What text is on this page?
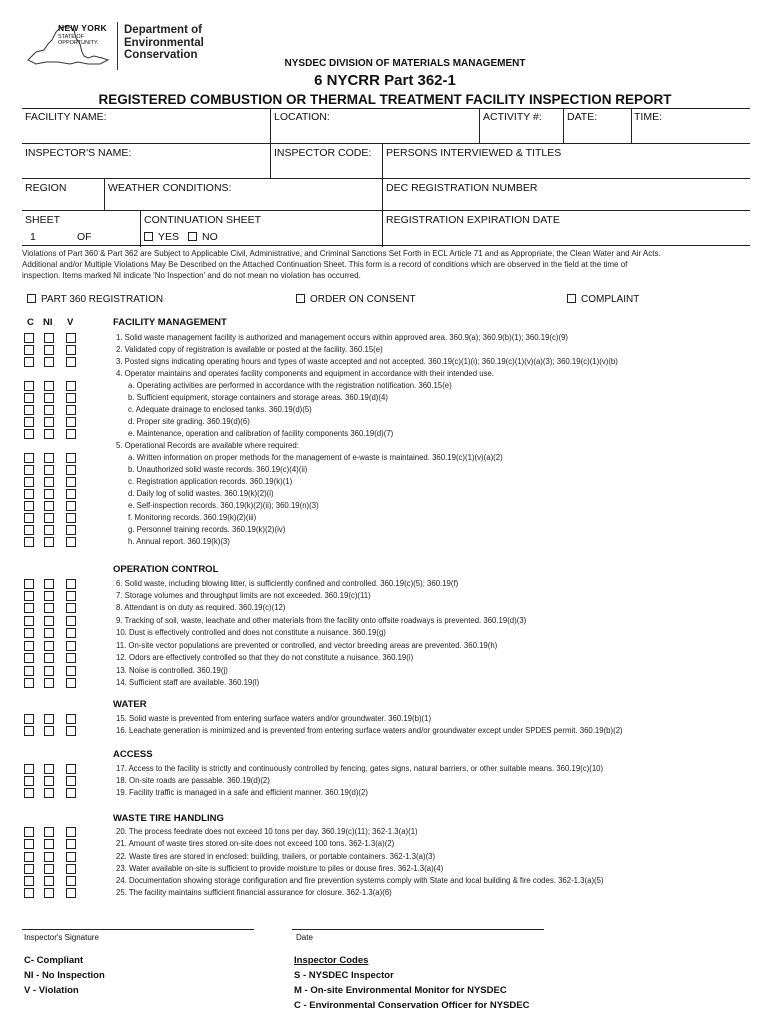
NEW YORK
STATE OF
OPPORTUNITY.
Department of
Environmental
Conservation
NYSDEC DIVISION OF MATERIALS MANAGEMENT
6 NYCRR Part 362-1
REGISTERED COMBUSTION OR THERMAL TREATMENT FACILITY INSPECTION REPORT
FACILITY NAME:	LOCATION:	ACTIVITY #: DATE:	TIME:
INSPECTOR'S NAME:	INSPECTOR CODE: PERSONS INTERVIEWED & TITLES
REGION	WEATHER CONDITIONS:	DEC REGISTRATION NUMBER
SHEET
1	OF
CONTINUATION SHEET
YES	NO
REGISTRATION EXPIRATION DATE
Violations of Part 360 & Part 362 are Subject to Applicable Civil, Administrative, and Criminal Sanctions Set Forth in ECL Article 71 and as Appropriate, the Clean Water and Air Acts.
Additional and/or Multiple Violations May Be Described on the Attached Continuation Sheet. This form is a record of conditions which are observed in the field at the time of
inspection. Items marked NI indicate 'No Inspection' and do not mean no violation has occurred.
PART 360 REGISTRATION	ORDER ON CONSENT	COMPLAINT
C NI V	FACILITY MANAGEMENT
OPERATION CONTROL
WATER
ACCESS
WASTE TIRE HANDLING
1. Solid waste management facility is authorized and management occurs within approved area. 360.9(a); 360.9(b)(1); 360.19(c)(9)
2. Validated copy of registration is available or posted at the facility. 360.15(e)
3. Posted signs indicating operating hours and types of waste accepted and not accepted. 360.19(c)(1)(i); 360.19(c)(1)(v)(a)(3); 360.19(c)(1)(v)(b)
4. Operator maintains and operates facility components and equipment in accordance with their intended use.
a. Operating activities are performed in accordance with the registration notification. 360.15(e)
b. Sufficient equipment, storage containers and storage areas. 360.19(d)(4)
c. Adequate drainage to enclosed tanks. 360.19(d)(5)
d. Proper site grading. 360.19(d)(6)
e. Maintenance, operation and calibration of facility components 360.19(d)(7)
5. Operational Records are available where required:
a. Written information on proper methods for the management of e-waste is maintained. 360.19(c)(1)(v)(a)(2)
b. Unauthorized solid waste records. 360.19(c)(4)(ii)
c. Registration application records. 360.19(k)(1)
d. Daily log of solid wastes. 360.19(k)(2)(i)
e. Self-inspection records. 360.19(k)(2)(ii); 360.19(n)(3)
f. Monitoring records. 360.19(k)(2)(iii)
g. Personnel training records. 360.19(k)(2)(iv)
h. Annual report. 360.19(k)(3)
6. Solid waste, including blowing litter, is sufficiently confined and controlled. 360.19(c)(5); 360.19(f)
7. Storage volumes and throughput limits are not exceeded. 360.19(c)(11)
8. Attendant is on duty as required. 360.19(c)(12)
9. Tracking of soil, waste, leachate and other materials from the facility onto offsite roadways is prevented. 360.19(d)(3)
10. Dust is effectively controlled and does not constitute a nuisance. 360.19(g)
11. On-site vector populations are prevented or controlled, and vector breeding areas are prevented. 360.19(h)
12. Odors are effectively controlled so that they do not constitute a nuisance. 360.19(i)
13. Noise is controlled. 360.19(j)
14. Sufficient staff are available. 360.19(l)
15. Solid waste is prevented from entering surface waters and/or groundwater. 360.19(b)(1)
16. Leachate generation is minimized and is prevented from entering surface waters and/or groundwater except under SPDES permit. 360.19(b)(2)
17. Access to the facility is strictly and continuously controlled by fencing, gates signs, natural barriers, or other suitable means. 360.19(c)(10)
18. On-site roads are passable. 360.19(d)(2)
19. Facility traffic is managed in a safe and efficient manner. 360.19(d)(2)
20. The process feedrate does not exceed 10 tons per day. 360.19(c)(11); 362-1.3(a)(1)
21. Amount of waste tires stored on-site does not exceed 100 tons. 362-1.3(a)(2)
22. Waste tires are stored in enclosed: building, trailers, or portable containers. 362-1.3(a)(3)
23. Water available on-site is sufficient to provide moisture to piles or douse fires. 362-1.3(a)(4)
24. Documentation showing storage configuration and fire prevention systems comply with State and local building & fire codes. 362-1.3(a)(5)
25. The facility maintains sufficient financial assurance for closure. 362-1.3(a)(6)
Inspector's Signature	Date
C- Compliant
NI - No Inspection
V - Violation
Inspector Codes
S - NYSDEC Inspector
M - On-site Environmental Monitor for NYSDEC
C - Environmental Conservation Officer for NYSDEC
